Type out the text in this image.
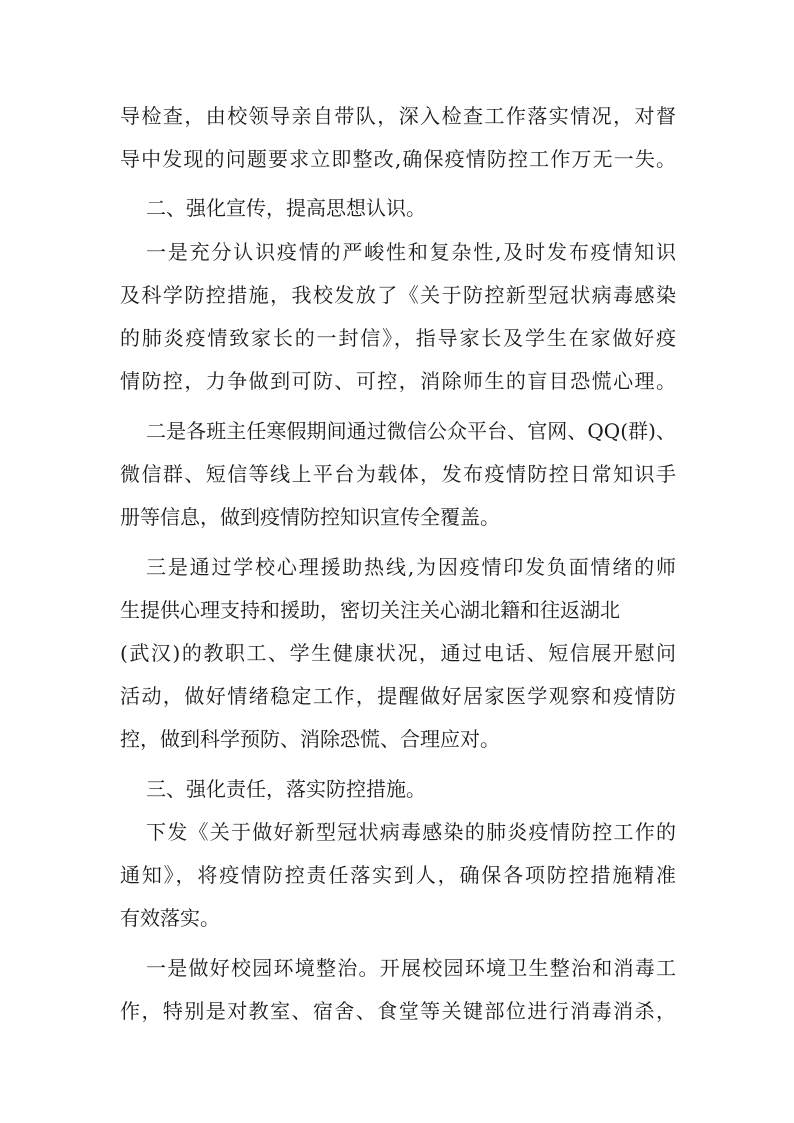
导检查，由校领导亲自带队，深入检查工作落实情况，对督

导中发现的问题要求立即整改,确保疫情防控工作万无一失。

二、强化宣传，提高思想认识。

一是充分认识疫情的严峻性和复杂性,及时发布疫情知识

及科学防控措施，我校发放了《关于防控新型冠状病毒感染

的肺炎疫情致家长的一封信》，指导家长及学生在家做好疫

情防控，力争做到可防、可控，消除师生的盲目恐慌心理。

二是各班主任寒假期间通过微信公众平台、官网、QQ(群)、

微信群、短信等线上平台为载体，发布疫情防控日常知识手

册等信息，做到疫情防控知识宣传全覆盖。

三是通过学校心理援助热线,为因疫情印发负面情绪的师

生提供心理支持和援助，密切关注关心湖北籍和往返湖北

(武汉)的教职工、学生健康状况，通过电话、短信展开慰问

活动，做好情绪稳定工作，提醒做好居家医学观察和疫情防

控，做到科学预防、消除恐慌、合理应对。

三、强化责任，落实防控措施。

下发《关于做好新型冠状病毒感染的肺炎疫情防控工作的

通知》，将疫情防控责任落实到人，确保各项防控措施精准

有效落实。

一是做好校园环境整治。开展校园环境卫生整治和消毒工

作，特别是对教室、宿舍、食堂等关键部位进行消毒消杀，
